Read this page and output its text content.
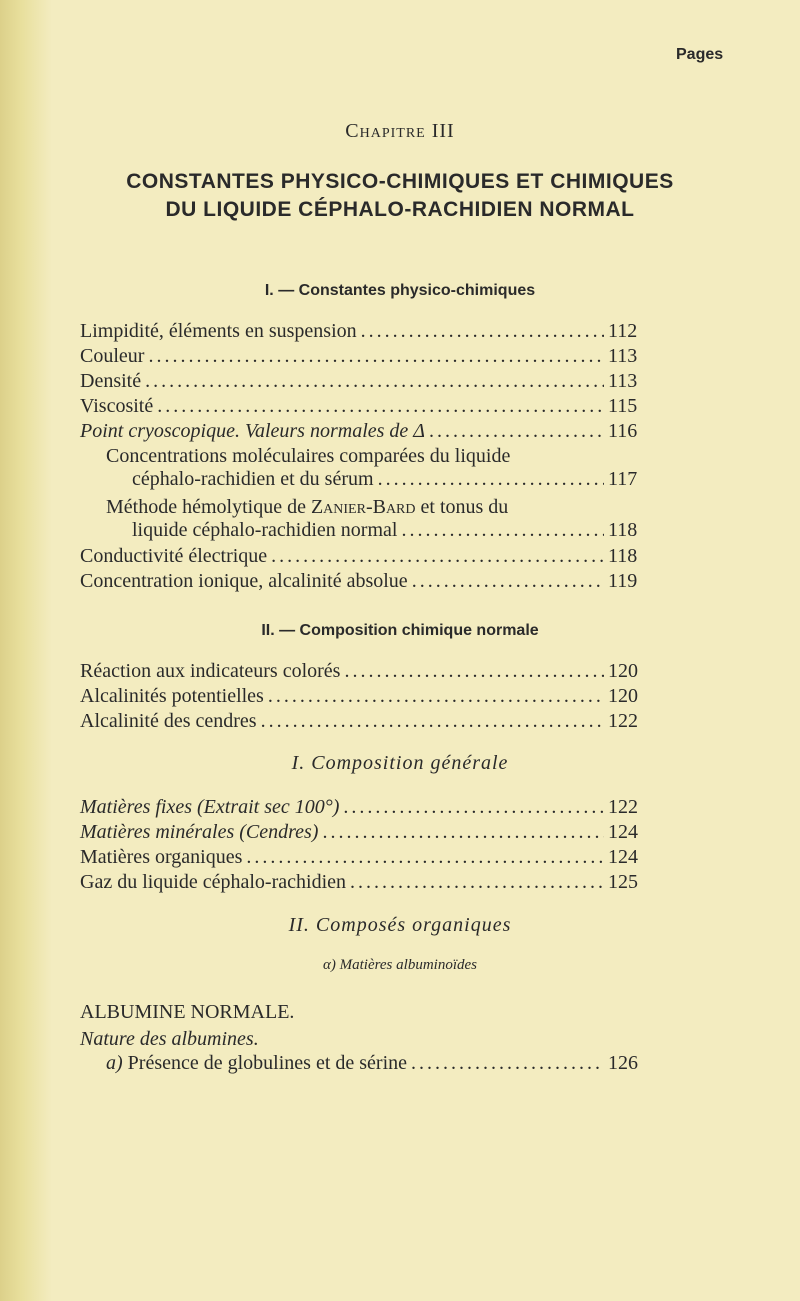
Pages
Chapitre III
CONSTANTES PHYSICO-CHIMIQUES ET CHIMIQUES
DU LIQUIDE CÉPHALO-RACHIDIEN NORMAL
I. — Constantes physico-chimiques
Limpidité, éléments en suspension .....	112
Couleur .....	113
Densité .....	113
Viscosité .....	115
Point cryoscopique. Valeurs normales de Δ .....	116
Concentrations moléculaires comparées du liquide
céphalo-rachidien et du sérum .....	117
Méthode hémolytique de Zanier-Bard et tonus du
liquide céphalo-rachidien normal .....	118
Conductivité électrique .....	118
Concentration ionique, alcalinité absolue .....	119
II. — Composition chimique normale
Réaction aux indicateurs colorés .....	120
Alcalinités potentielles .....	120
Alcalinité des cendres .....	122
I. Composition générale
Matières fixes (Extrait sec 100°) .....	122
Matières minérales (Cendres) .....	124
Matières organiques .....	124
Gaz du liquide céphalo-rachidien .....	125
II. Composés organiques
α) Matières albuminoïdes
ALBUMINE NORMALE.
Nature des albumines.
a) Présence de globulines et de sérine .....	126
